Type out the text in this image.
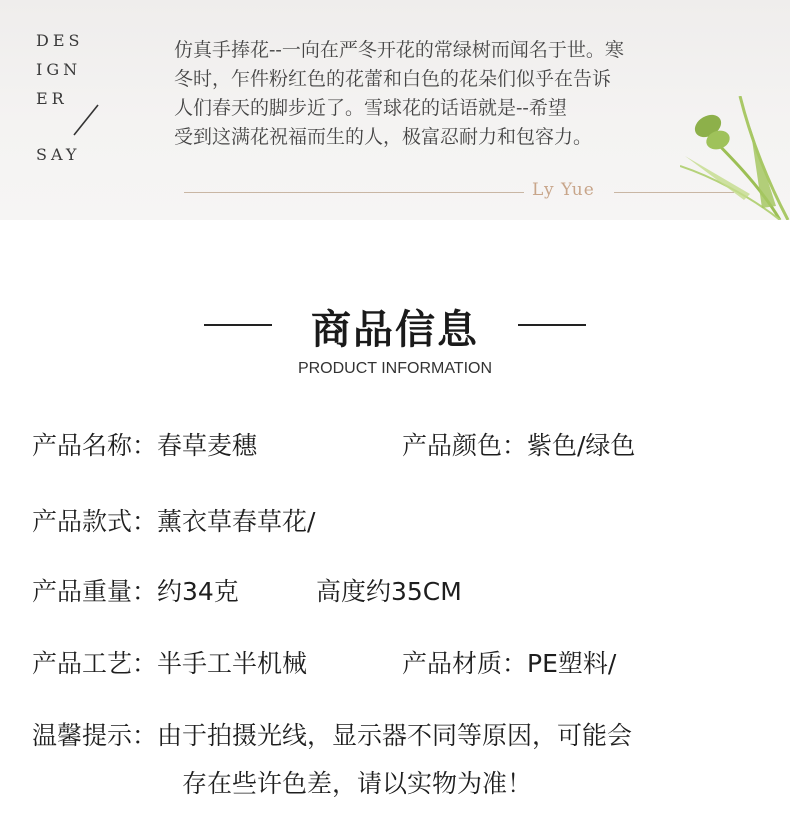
DES
IGN
ER
SAY
仿真手捧花--一向在严冬开花的常绿树而闻名于世。寒
冬时，乍件粉红色的花蕾和白色的花朵们似乎在告诉
人们春天的脚步近了。雪球花的话语就是--希望
受到这满花祝福而生的人，极富忍耐力和包容力。
Ly Yue
商品信息
PRODUCT INFORMATION
产品名称：春草麦穗	产品颜色：紫色/绿色
产品款式：薰衣草春草花/
产品重量：约34克	高度约35CM
产品工艺：半手工半机械	产品材质：PE塑料/
温馨提示：由于拍摄光线，显示器不同等原因，可能会
存在些许色差，请以实物为准！
